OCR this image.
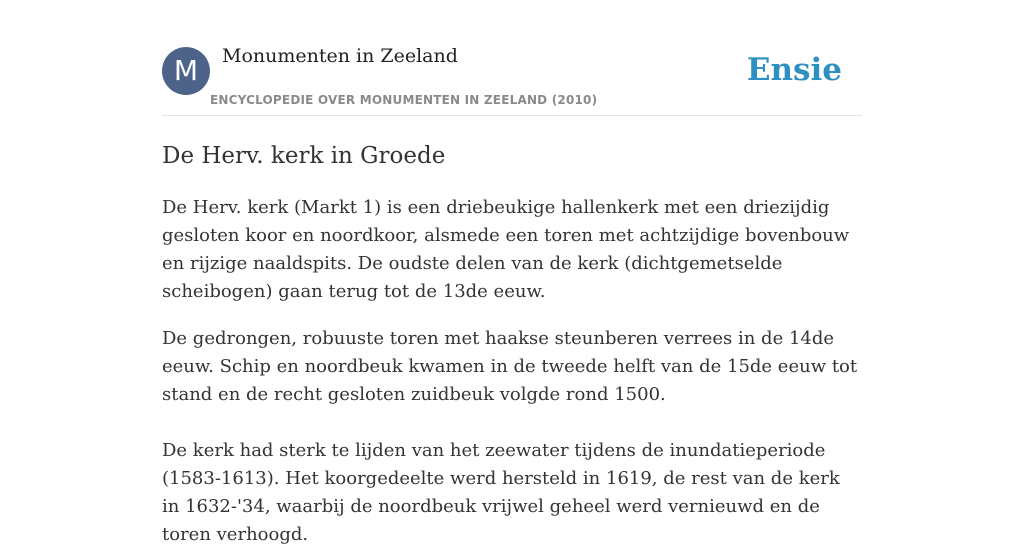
M	Monumenten in Zeeland
ENCYCLOPEDIE OVER MONUMENTEN IN ZEELAND (2010)
Ensie
De Herv. kerk in Groede

De Herv. kerk (Markt 1) is een driebeukige hallenkerk met een driezijdig gesloten koor en noordkoor, alsmede een toren met achtzijdige bovenbouw en rijzige naaldspits. De oudste delen van de kerk (dichtgemetselde scheibogen) gaan terug tot de 13de eeuw.

De gedrongen, robuuste toren met haakse steunberen verrees in de 14de eeuw. Schip en noordbeuk kwamen in de tweede helft van de 15de eeuw tot stand en de recht gesloten zuidbeuk volgde rond 1500.

De kerk had sterk te lijden van het zeewater tijdens de inundatieperiode (1583-1613). Het koorgedeelte werd hersteld in 1619, de rest van de kerk in 1632-'34, waarbij de noordbeuk vrijwel geheel werd vernieuwd en de toren verhoogd.
